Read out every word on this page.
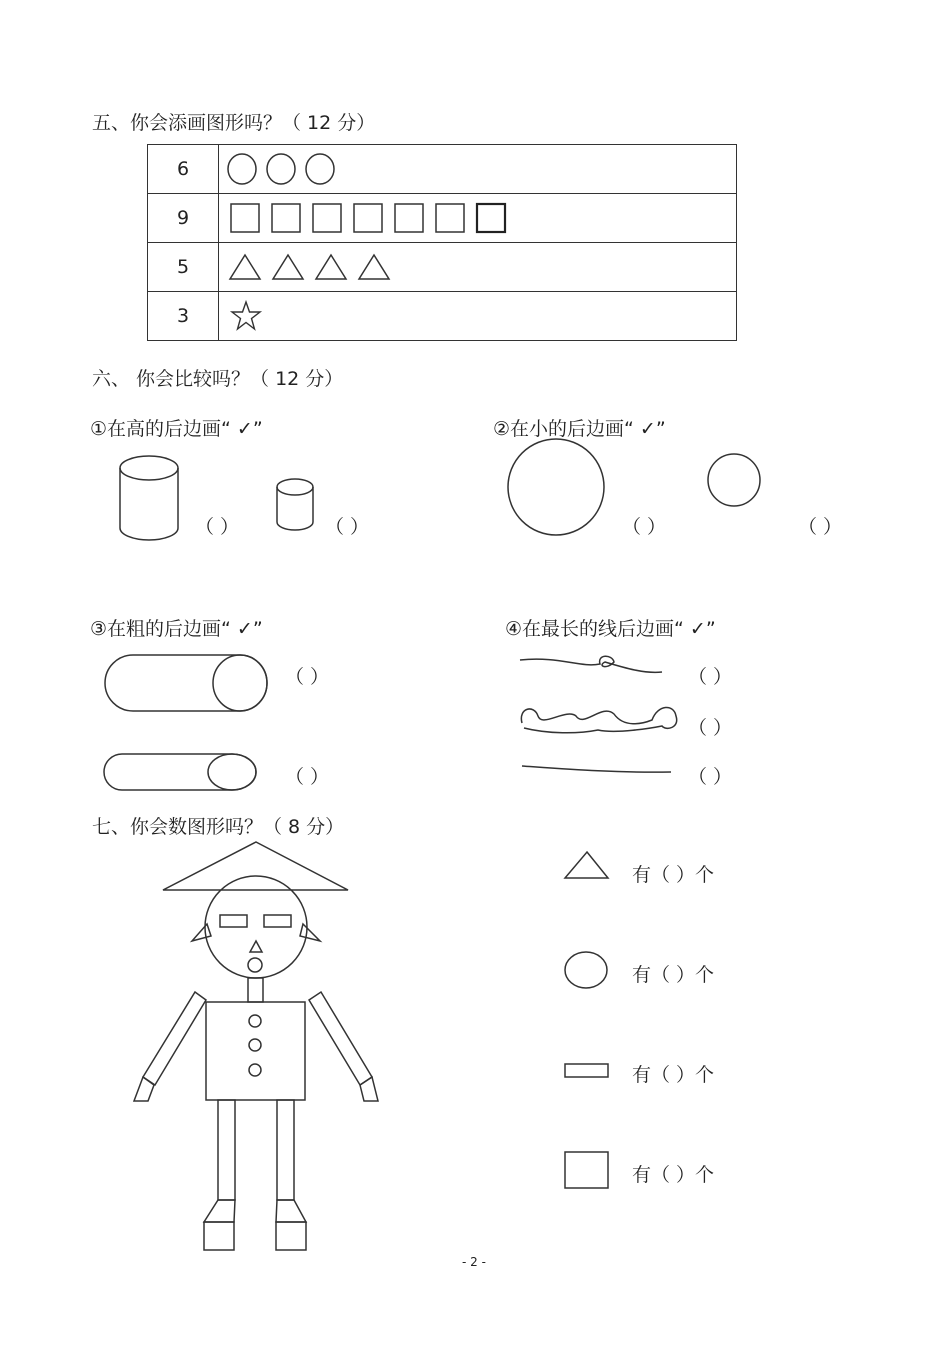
五、你会添画图形吗？（ 12 分）
6	
9	
5	
3	
六、 你会比较吗？（ 12 分）
①在高的后边画“ ✓”	②在小的后边画“ ✓”
③在粗的后边画“ ✓”	④在最长的线后边画“ ✓”
（ ）	（ ）	（ ）	（ ）
（ ）
（ ）
（ ）
（ ）
（ ）
七、你会数图形吗？（ 8 分）
有（ ）个
有（ ）个
有（ ）个
有（ ）个
- 2 -
